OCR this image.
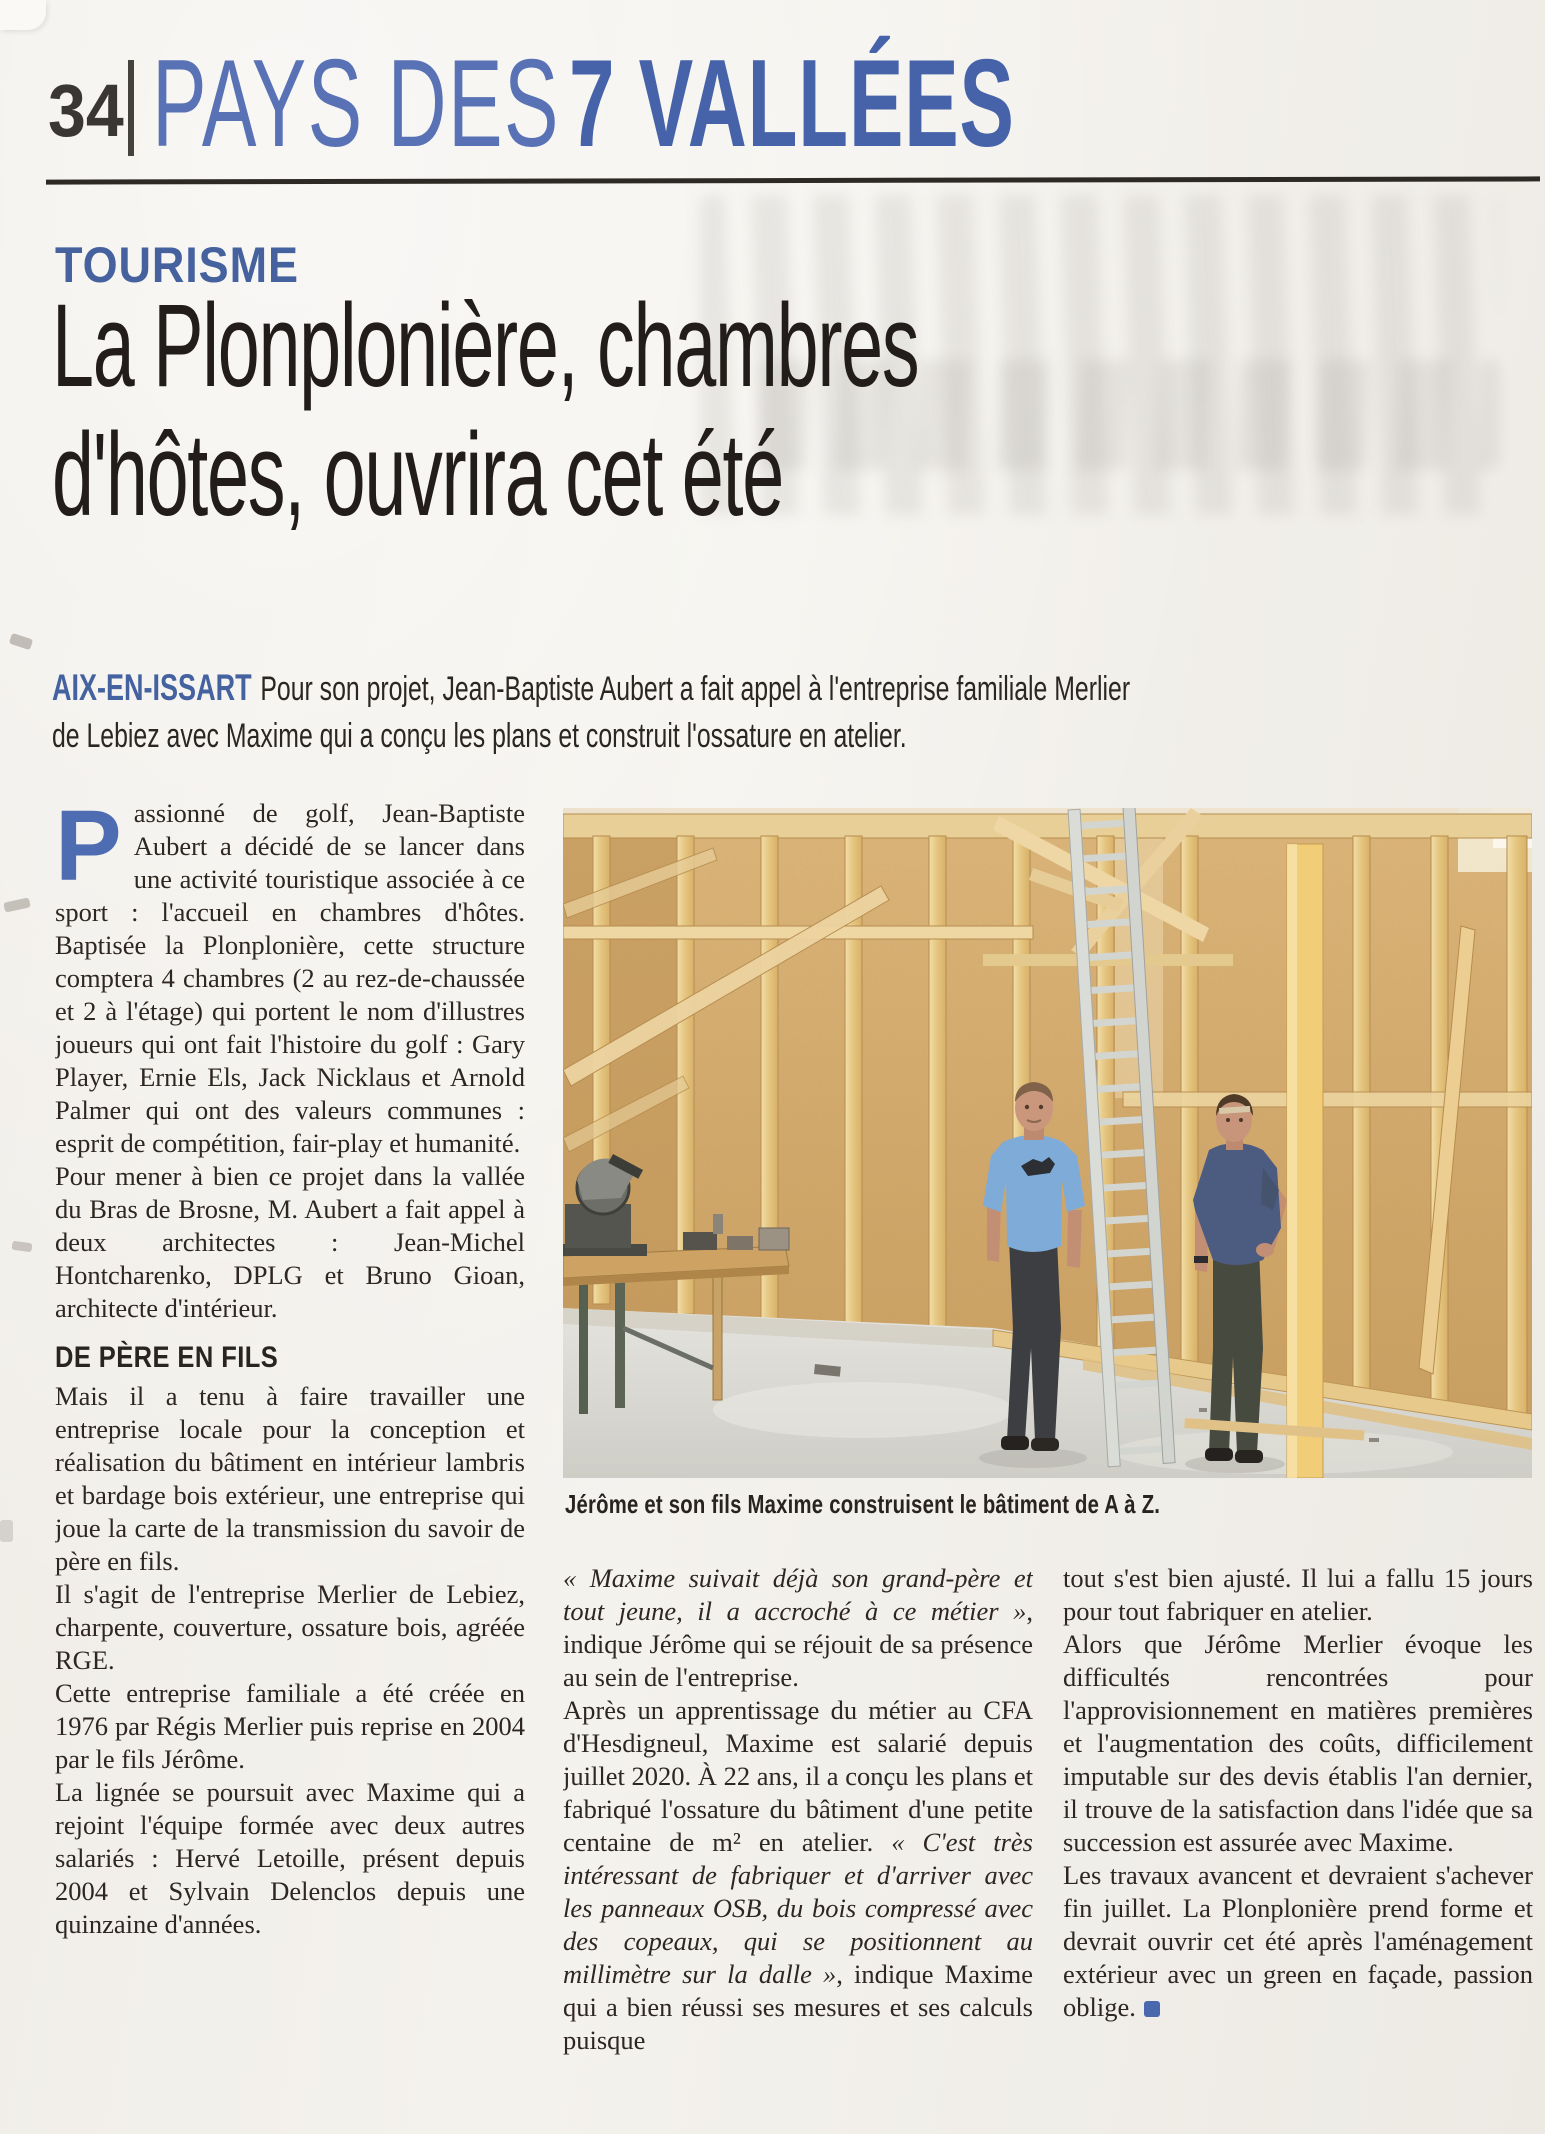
34 PAYS DES7 VALLÉES
TOURISME
La Plonplonière, chambres
d'hôtes, ouvrira cet été
AIX-EN-ISSART Pour son projet, Jean-Baptiste Aubert a fait appel à l'entreprise familiale Merlier de Lebiez avec Maxime qui a conçu les plans et construit l'ossature en atelier.

Passionné de golf, Jean-Baptiste Aubert a décidé de se lancer dans une activité touristique associée à ce sport : l'accueil en chambres d'hôtes. Baptisée la Plonplonière, cette structure comptera 4 chambres (2 au rez-de-chaussée et 2 à l'étage) qui portent le nom d'illustres joueurs qui ont fait l'histoire du golf : Gary Player, Ernie Els, Jack Nicklaus et Arnold Palmer qui ont des valeurs communes : esprit de compétition, fair-play et humanité.

Pour mener à bien ce projet dans la vallée du Bras de Brosne, M. Aubert a fait appel à deux architectes : Jean-Michel Hontcharenko, DPLG et Bruno Gioan, architecte d'intérieur.

DE PÈRE EN FILS

Mais il a tenu à faire travailler une entreprise locale pour la conception et réalisation du bâtiment en intérieur lambris et bardage bois extérieur, une entreprise qui joue la carte de la transmission du savoir de père en fils.

Il s'agit de l'entreprise Merlier de Lebiez, charpente, couverture, ossature bois, agréée RGE.

Cette entreprise familiale a été créée en 1976 par Régis Merlier puis reprise en 2004 par le fils Jérôme.

La lignée se poursuit avec Maxime qui a rejoint l'équipe formée avec deux autres salariés : Hervé Letoille, présent depuis 2004 et Sylvain Delenclos depuis une quinzaine d'années.

Jérôme et son fils Maxime construisent le bâtiment de A à Z.

« Maxime suivait déjà son grand-père et tout jeune, il a accroché à ce métier », indique Jérôme qui se réjouit de sa présence au sein de l'entreprise.

Après un apprentissage du métier au CFA d'Hesdigneul, Maxime est salarié depuis juillet 2020. À 22 ans, il a conçu les plans et fabriqué l'ossature du bâtiment d'une petite centaine de m² en atelier. « C'est très intéressant de fabriquer et d'arriver avec les panneaux OSB, du bois compressé avec des copeaux, qui se positionnent au millimètre sur la dalle », indique Maxime qui a bien réussi ses mesures et ses calculs puisque

tout s'est bien ajusté. Il lui a fallu 15 jours pour tout fabriquer en atelier.

Alors que Jérôme Merlier évoque les difficultés rencontrées pour l'approvisionnement en matières premières et l'augmentation des coûts, difficilement imputable sur des devis établis l'an dernier, il trouve de la satisfaction dans l'idée que sa succession est assurée avec Maxime.

Les travaux avancent et devraient s'achever fin juillet. La Plonplonière prend forme et devrait ouvrir cet été après l'aménagement extérieur avec un green en façade, passion oblige.
